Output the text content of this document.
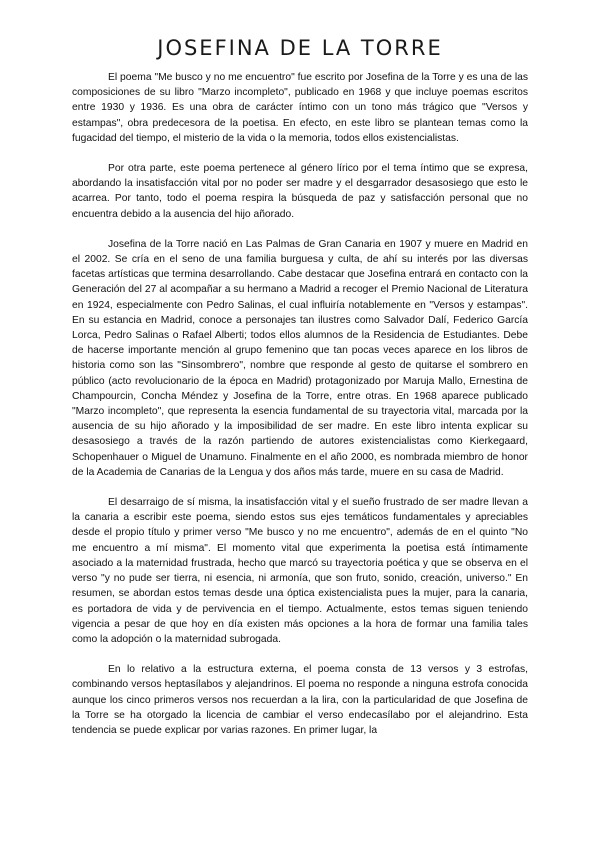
JOSEFINA DE LA TORRE

El poema "Me busco y no me encuentro" fue escrito por Josefina de la Torre y es una de las composiciones de su libro "Marzo incompleto", publicado en 1968 y que incluye poemas escritos entre 1930 y 1936. Es una obra de carácter íntimo con un tono más trágico que "Versos y estampas", obra predecesora de la poetisa. En efecto, en este libro se plantean temas como la fugacidad del tiempo, el misterio de la vida o la memoria, todos ellos existencialistas.

Por otra parte, este poema pertenece al género lírico por el tema íntimo que se expresa, abordando la insatisfacción vital por no poder ser madre y el desgarrador desasosiego que esto le acarrea. Por tanto, todo el poema respira la búsqueda de paz y satisfacción personal que no encuentra debido a la ausencia del hijo añorado.

Josefina de la Torre nació en Las Palmas de Gran Canaria en 1907 y muere en Madrid en el 2002. Se cría en el seno de una familia burguesa y culta, de ahí su interés por las diversas facetas artísticas que termina desarrollando. Cabe destacar que Josefina entrará en contacto con la Generación del 27 al acompañar a su hermano a Madrid a recoger el Premio Nacional de Literatura en 1924, especialmente con Pedro Salinas, el cual influiría notablemente en "Versos y estampas". En su estancia en Madrid, conoce a personajes tan ilustres como Salvador Dalí, Federico García Lorca, Pedro Salinas o Rafael Alberti; todos ellos alumnos de la Residencia de Estudiantes. Debe de hacerse importante mención al grupo femenino que tan pocas veces aparece en los libros de historia como son las "Sinsombrero", nombre que responde al gesto de quitarse el sombrero en público (acto revolucionario de la época en Madrid) protagonizado por Maruja Mallo, Ernestina de Champourcin, Concha Méndez y Josefina de la Torre, entre otras. En 1968 aparece publicado "Marzo incompleto", que representa la esencia fundamental de su trayectoria vital, marcada por la ausencia de su hijo añorado y la imposibilidad de ser madre. En este libro intenta explicar su desasosiego a través de la razón partiendo de autores existencialistas como Kierkegaard, Schopenhauer o Miguel de Unamuno. Finalmente en el año 2000, es nombrada miembro de honor de la Academia de Canarias de la Lengua y dos años más tarde, muere en su casa de Madrid.

El desarraigo de sí misma, la insatisfacción vital y el sueño frustrado de ser madre llevan a la canaria a escribir este poema, siendo estos sus ejes temáticos fundamentales y apreciables desde el propio título y primer verso "Me busco y no me encuentro", además de en el quinto "No me encuentro a mí misma". El momento vital que experimenta la poetisa está íntimamente asociado a la maternidad frustrada, hecho que marcó su trayectoria poética y que se observa en el verso "y no pude ser tierra, ni esencia, ni armonía, que son fruto, sonido, creación, universo." En resumen, se abordan estos temas desde una óptica existencialista pues la mujer, para la canaria, es portadora de vida y de pervivencia en el tiempo. Actualmente, estos temas siguen teniendo vigencia a pesar de que hoy en día existen más opciones a la hora de formar una familia tales como la adopción o la maternidad subrogada.

En lo relativo a la estructura externa, el poema consta de 13 versos y 3 estrofas, combinando versos heptasílabos y alejandrinos. El poema no responde a ninguna estrofa conocida aunque los cinco primeros versos nos recuerdan a la lira, con la particularidad de que Josefina de la Torre se ha otorgado la licencia de cambiar el verso endecasílabo por el alejandrino. Esta tendencia se puede explicar por varias razones. En primer lugar, la
